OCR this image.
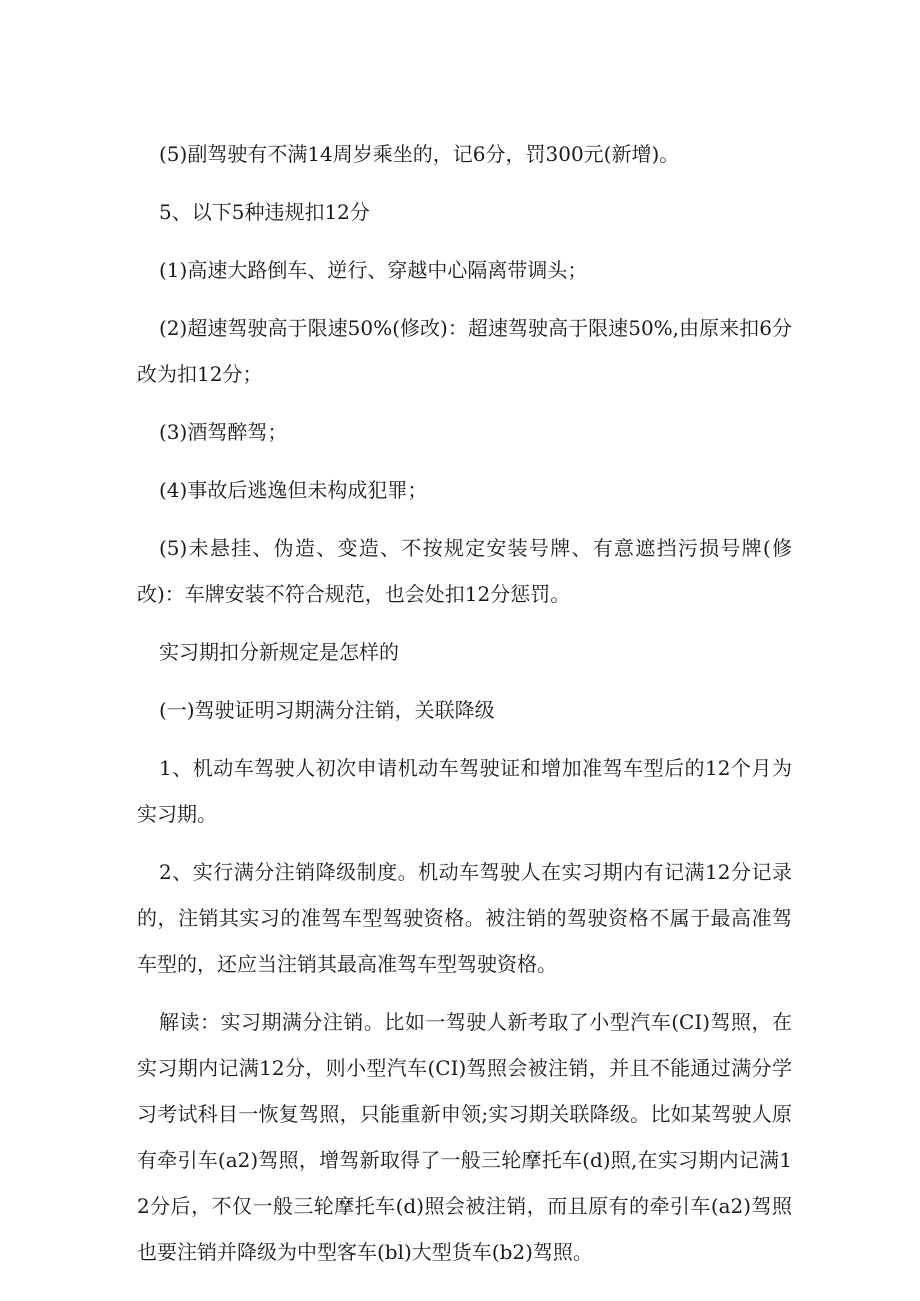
(5)副驾驶有不满14周岁乘坐的，记6分，罚300元(新增)。

5、以下5种违规扣12分

(1)高速大路倒车、逆行、穿越中心隔离带调头；

(2)超速驾驶高于限速50%(修改)：超速驾驶高于限速50%,由原来扣6分改为扣12分；

(3)酒驾醉驾；

(4)事故后逃逸但未构成犯罪；

(5)未悬挂、伪造、变造、不按规定安装号牌、有意遮挡污损号牌(修改)：车牌安装不符合规范，也会处扣12分惩罚。

实习期扣分新规定是怎样的

(一)驾驶证明习期满分注销，关联降级

1、机动车驾驶人初次申请机动车驾驶证和增加准驾车型后的12个月为实习期。

2、实行满分注销降级制度。机动车驾驶人在实习期内有记满12分记录的，注销其实习的准驾车型驾驶资格。被注销的驾驶资格不属于最高准驾车型的，还应当注销其最高准驾车型驾驶资格。

解读：实习期满分注销。比如一驾驶人新考取了小型汽车(CI)驾照，在实习期内记满12分，则小型汽车(CI)驾照会被注销，并且不能通过满分学习考试科目一恢复驾照，只能重新申领;实习期关联降级。比如某驾驶人原有牵引车(a2)驾照，增驾新取得了一般三轮摩托车(d)照,在实习期内记满12分后，不仅一般三轮摩托车(d)照会被注销，而且原有的牵引车(a2)驾照也要注销并降级为中型客车(bl)大型货车(b2)驾照。
